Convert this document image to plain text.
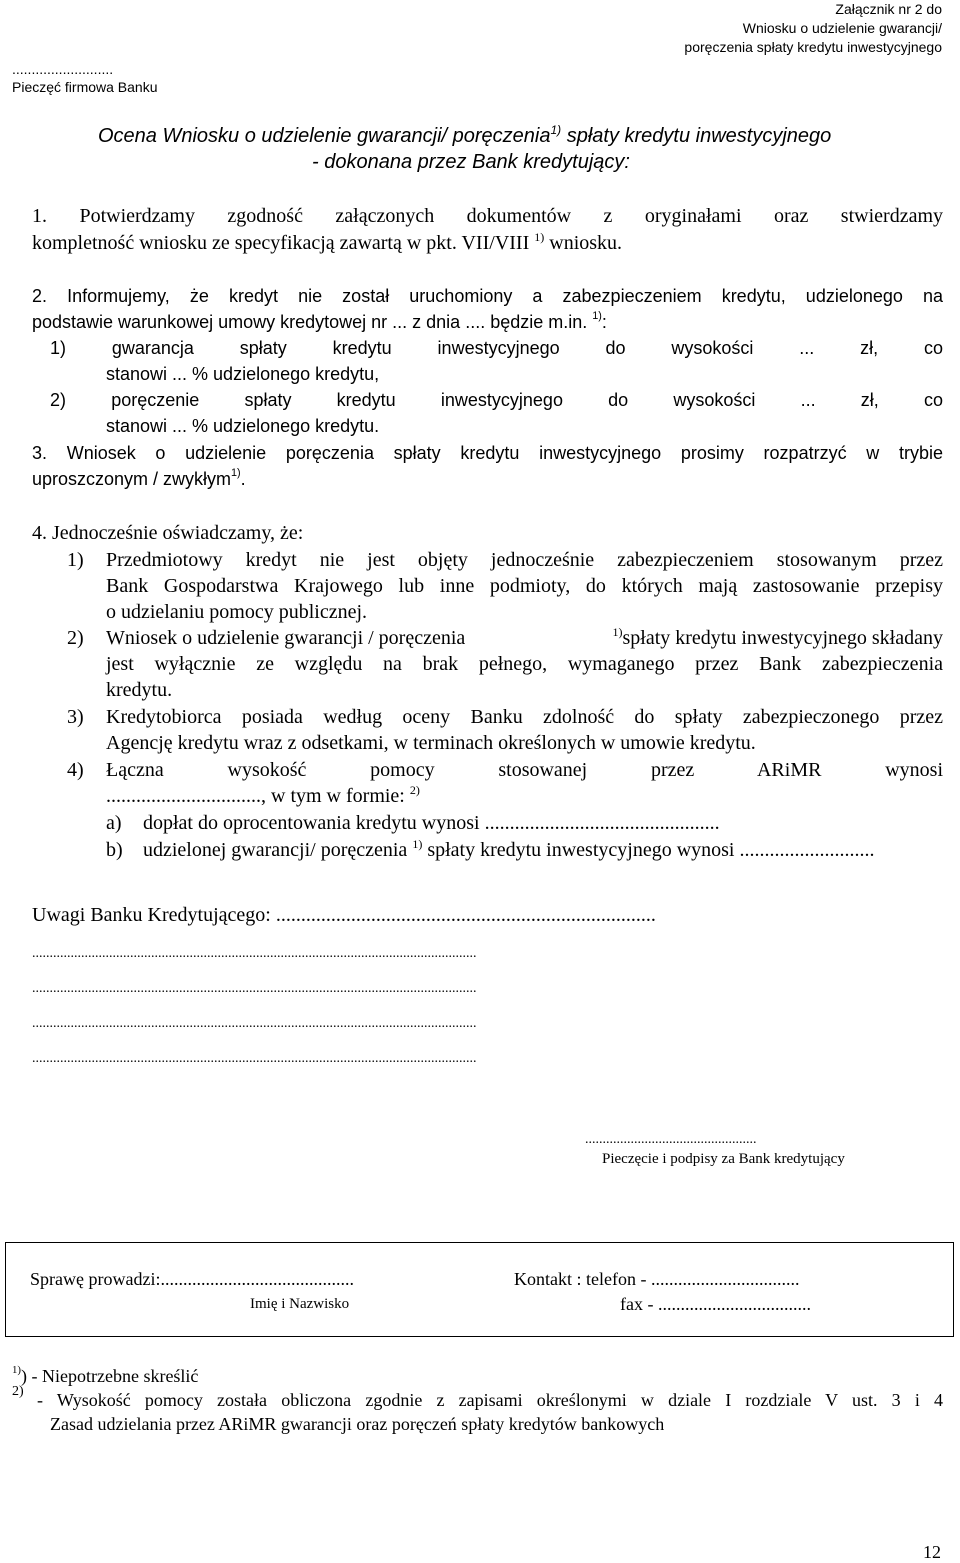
Załącznik nr 2 do
Wniosku o udzielenie gwarancji/
poręczenia spłaty kredytu inwestycyjnego
..........................
Pieczęć firmowa Banku
Ocena Wniosku o udzielenie gwarancji/ poręczenia$^{1)}$ spłaty kredytu inwestycyjnego
- dokonana przez Bank kredytujący:
1. Potwierdzamy zgodność załączonych dokumentów z oryginałami oraz stwierdzamy
kompletność wniosku ze specyfikacją zawartą w pkt. VII/VIII $^{1)}$ wniosku.
2. Informujemy, że kredyt nie został uruchomiony a zabezpieczeniem kredytu, udzielonego na
podstawie warunkowej umowy kredytowej nr ... z dnia .... będzie m.in. $^{1)}$:
1) gwarancja spłaty kredytu inwestycyjnego do wysokości ... zł, co
stanowi ... % udzielonego kredytu,
2) poręczenie spłaty kredytu inwestycyjnego do wysokości ... zł, co
stanowi ... % udzielonego kredytu.
3. Wniosek o udzielenie poręczenia spłaty kredytu inwestycyjnego prosimy rozpatrzyć w trybie
uproszczonym / zwykłym$^{1)}$.
4. Jednocześnie oświadczamy, że:
1) Przedmiotowy kredyt nie jest objęty jednocześnie zabezpieczeniem stosowanym przez
Bank Gospodarstwa Krajowego lub inne podmioty, do których mają zastosowanie przepisy
o udzielaniu pomocy publicznej.
2) Wniosek o udzielenie gwarancji / poręczenia	$^{1)}$ spłaty kredytu inwestycyjnego składany
jest wyłącznie ze względu na brak pełnego, wymaganego przez Bank zabezpieczenia
kredytu.
3) Kredytobiorca posiada według oceny Banku zdolność do spłaty zabezpieczonego przez
Agencję kredytu wraz z odsetkami, w terminach określonych w umowie kredytu.
4) Łączna wysokość pomocy stosowanej przez ARiMR wynosi
..............................., w tym w formie: $^{2)}$
a) dopłat do oprocentowania kredytu wynosi ...............................................
b) udzielonej gwarancji/ poręczenia $^{1)}$ spłaty kredytu inwestycyjnego wynosi ...........................
Uwagi Banku Kredytującego: ............................................................................
...............................................................................................................................
...............................................................................................................................
...............................................................................................................................
...............................................................................................................................
.................................................
Pieczęcie i podpisy za Bank kredytujący
Sprawę prowadzi:...........................................
Imię i Nazwisko
Kontakt : telefon - .................................
fax - ..................................
$^{1)}$) - Niepotrzebne skreślić
2) - Wysokość pomocy została obliczona zgodnie z zapisami określonymi w dziale I rozdziale V ust. 3 i 4
Zasad udzielania przez ARiMR gwarancji oraz poręczeń spłaty kredytów bankowych
12
